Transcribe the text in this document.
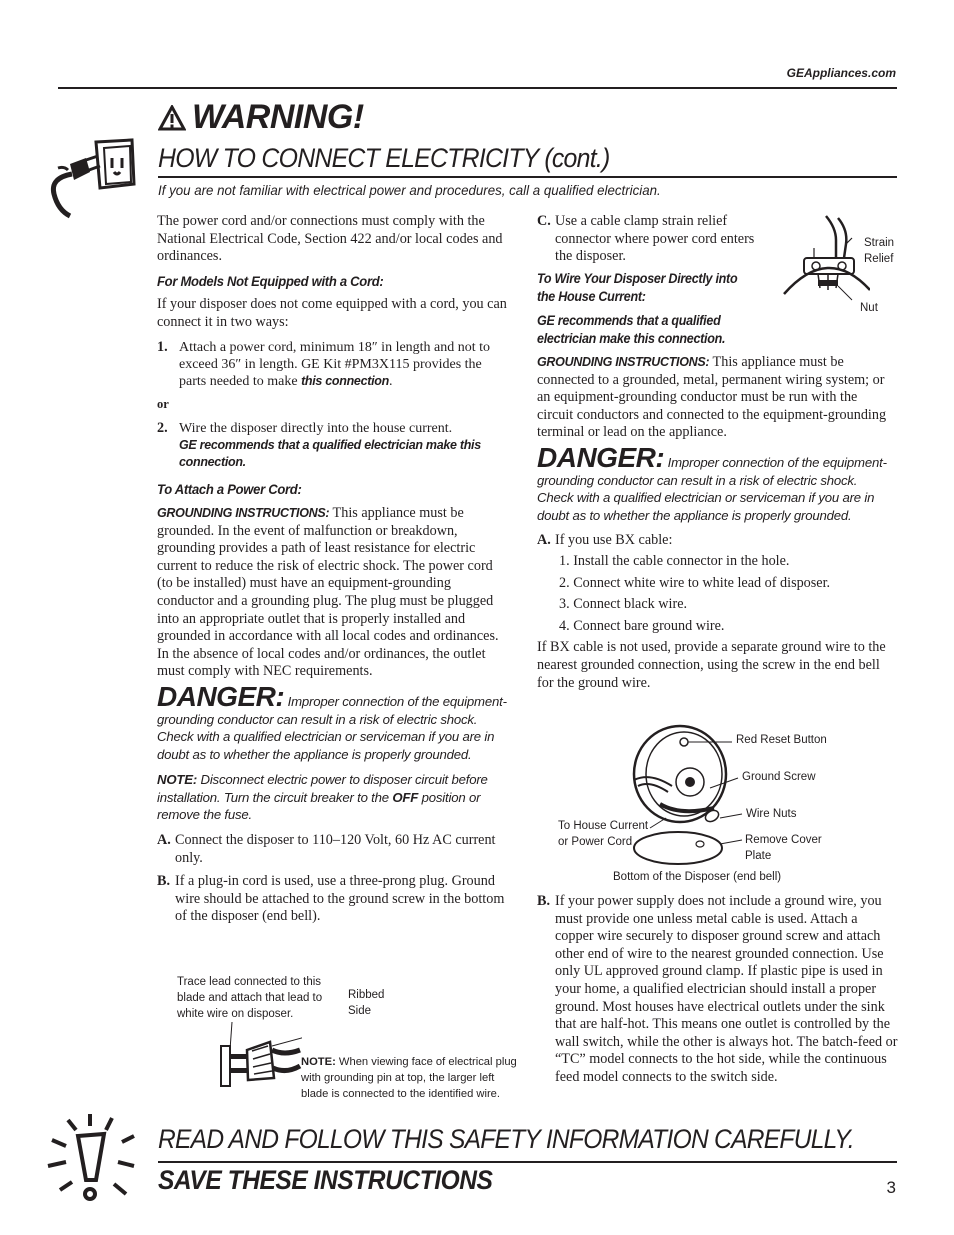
GEAppliances.com
WARNING!
HOW TO CONNECT ELECTRICITY (cont.)
If you are not familiar with electrical power and procedures, call a qualified electrician.
The power cord and/or connections must comply with the National Electrical Code, Section 422 and/or local codes and ordinances.
For Models Not Equipped with a Cord:
If your disposer does not come equipped with a cord, you can connect it in two ways:
1. Attach a power cord, minimum 18″ in length and not to exceed 36″ in length. GE Kit #PM3X115 provides the parts needed to make this connection.
or
2. Wire the disposer directly into the house current.
GE recommends that a qualified electrician make this connection.
To Attach a Power Cord:
GROUNDING INSTRUCTIONS: This appliance must be grounded. In the event of malfunction or breakdown, grounding provides a path of least resistance for electric current to reduce the risk of electric shock. The power cord (to be installed) must have an equipment-grounding conductor and a grounding plug. The plug must be plugged into an appropriate outlet that is properly installed and grounded in accordance with all local codes and ordinances. In the absence of local codes and/or ordinances, the outlet must comply with NEC requirements.
DANGER: Improper connection of the equipment-grounding conductor can result in a risk of electric shock. Check with a qualified electrician or serviceman if you are in doubt as to whether the appliance is properly grounded.
NOTE: Disconnect electric power to disposer circuit before installation. Turn the circuit breaker to the OFF position or remove the fuse.
A. Connect the disposer to 110–120 Volt, 60 Hz AC current only.
B. If a plug-in cord is used, use a three-prong plug. Ground wire should be attached to the ground screw in the bottom of the disposer (end bell).
Trace lead connected to this blade and attach that lead to white wire on disposer.
Ribbed Side
NOTE: When viewing face of electrical plug with grounding pin at top, the larger left blade is connected to the identified wire.
C. Use a cable clamp strain relief connector where power cord enters the disposer.
To Wire Your Disposer Directly into the House Current:
GE recommends that a qualified electrician make this connection.
Strain Relief
Nut
GROUNDING INSTRUCTIONS: This appliance must be connected to a grounded, metal, permanent wiring system; or an equipment-grounding conductor must be run with the circuit conductors and connected to the equipment-grounding terminal or lead on the appliance.
DANGER: Improper connection of the equipment-grounding conductor can result in a risk of electric shock. Check with a qualified electrician or serviceman if you are in doubt as to whether the appliance is properly grounded.
A. If you use BX cable:
1. Install the cable connector in the hole.
2. Connect white wire to white lead of disposer.
3. Connect black wire.
4. Connect bare ground wire.
If BX cable is not used, provide a separate ground wire to the nearest grounded connection, using the screw in the end bell for the ground wire.
Red Reset Button
Ground Screw
Wire Nuts
To House Current or Power Cord	Remove Cover Plate
Bottom of the Disposer (end bell)
B. If your power supply does not include a ground wire, you must provide one unless metal cable is used. Attach a copper wire securely to disposer ground screw and attach other end of wire to the nearest grounded connection. Use only UL approved ground clamp. If plastic pipe is used in your home, a qualified electrician should install a proper ground. Most houses have electrical outlets under the sink that are half-hot. This means one outlet is controlled by the wall switch, while the other is always hot. The batch-feed or “TC” model connects to the hot side, while the continuous feed model connects to the switch side.
READ AND FOLLOW THIS SAFETY INFORMATION CAREFULLY.
SAVE THESE INSTRUCTIONS	3
